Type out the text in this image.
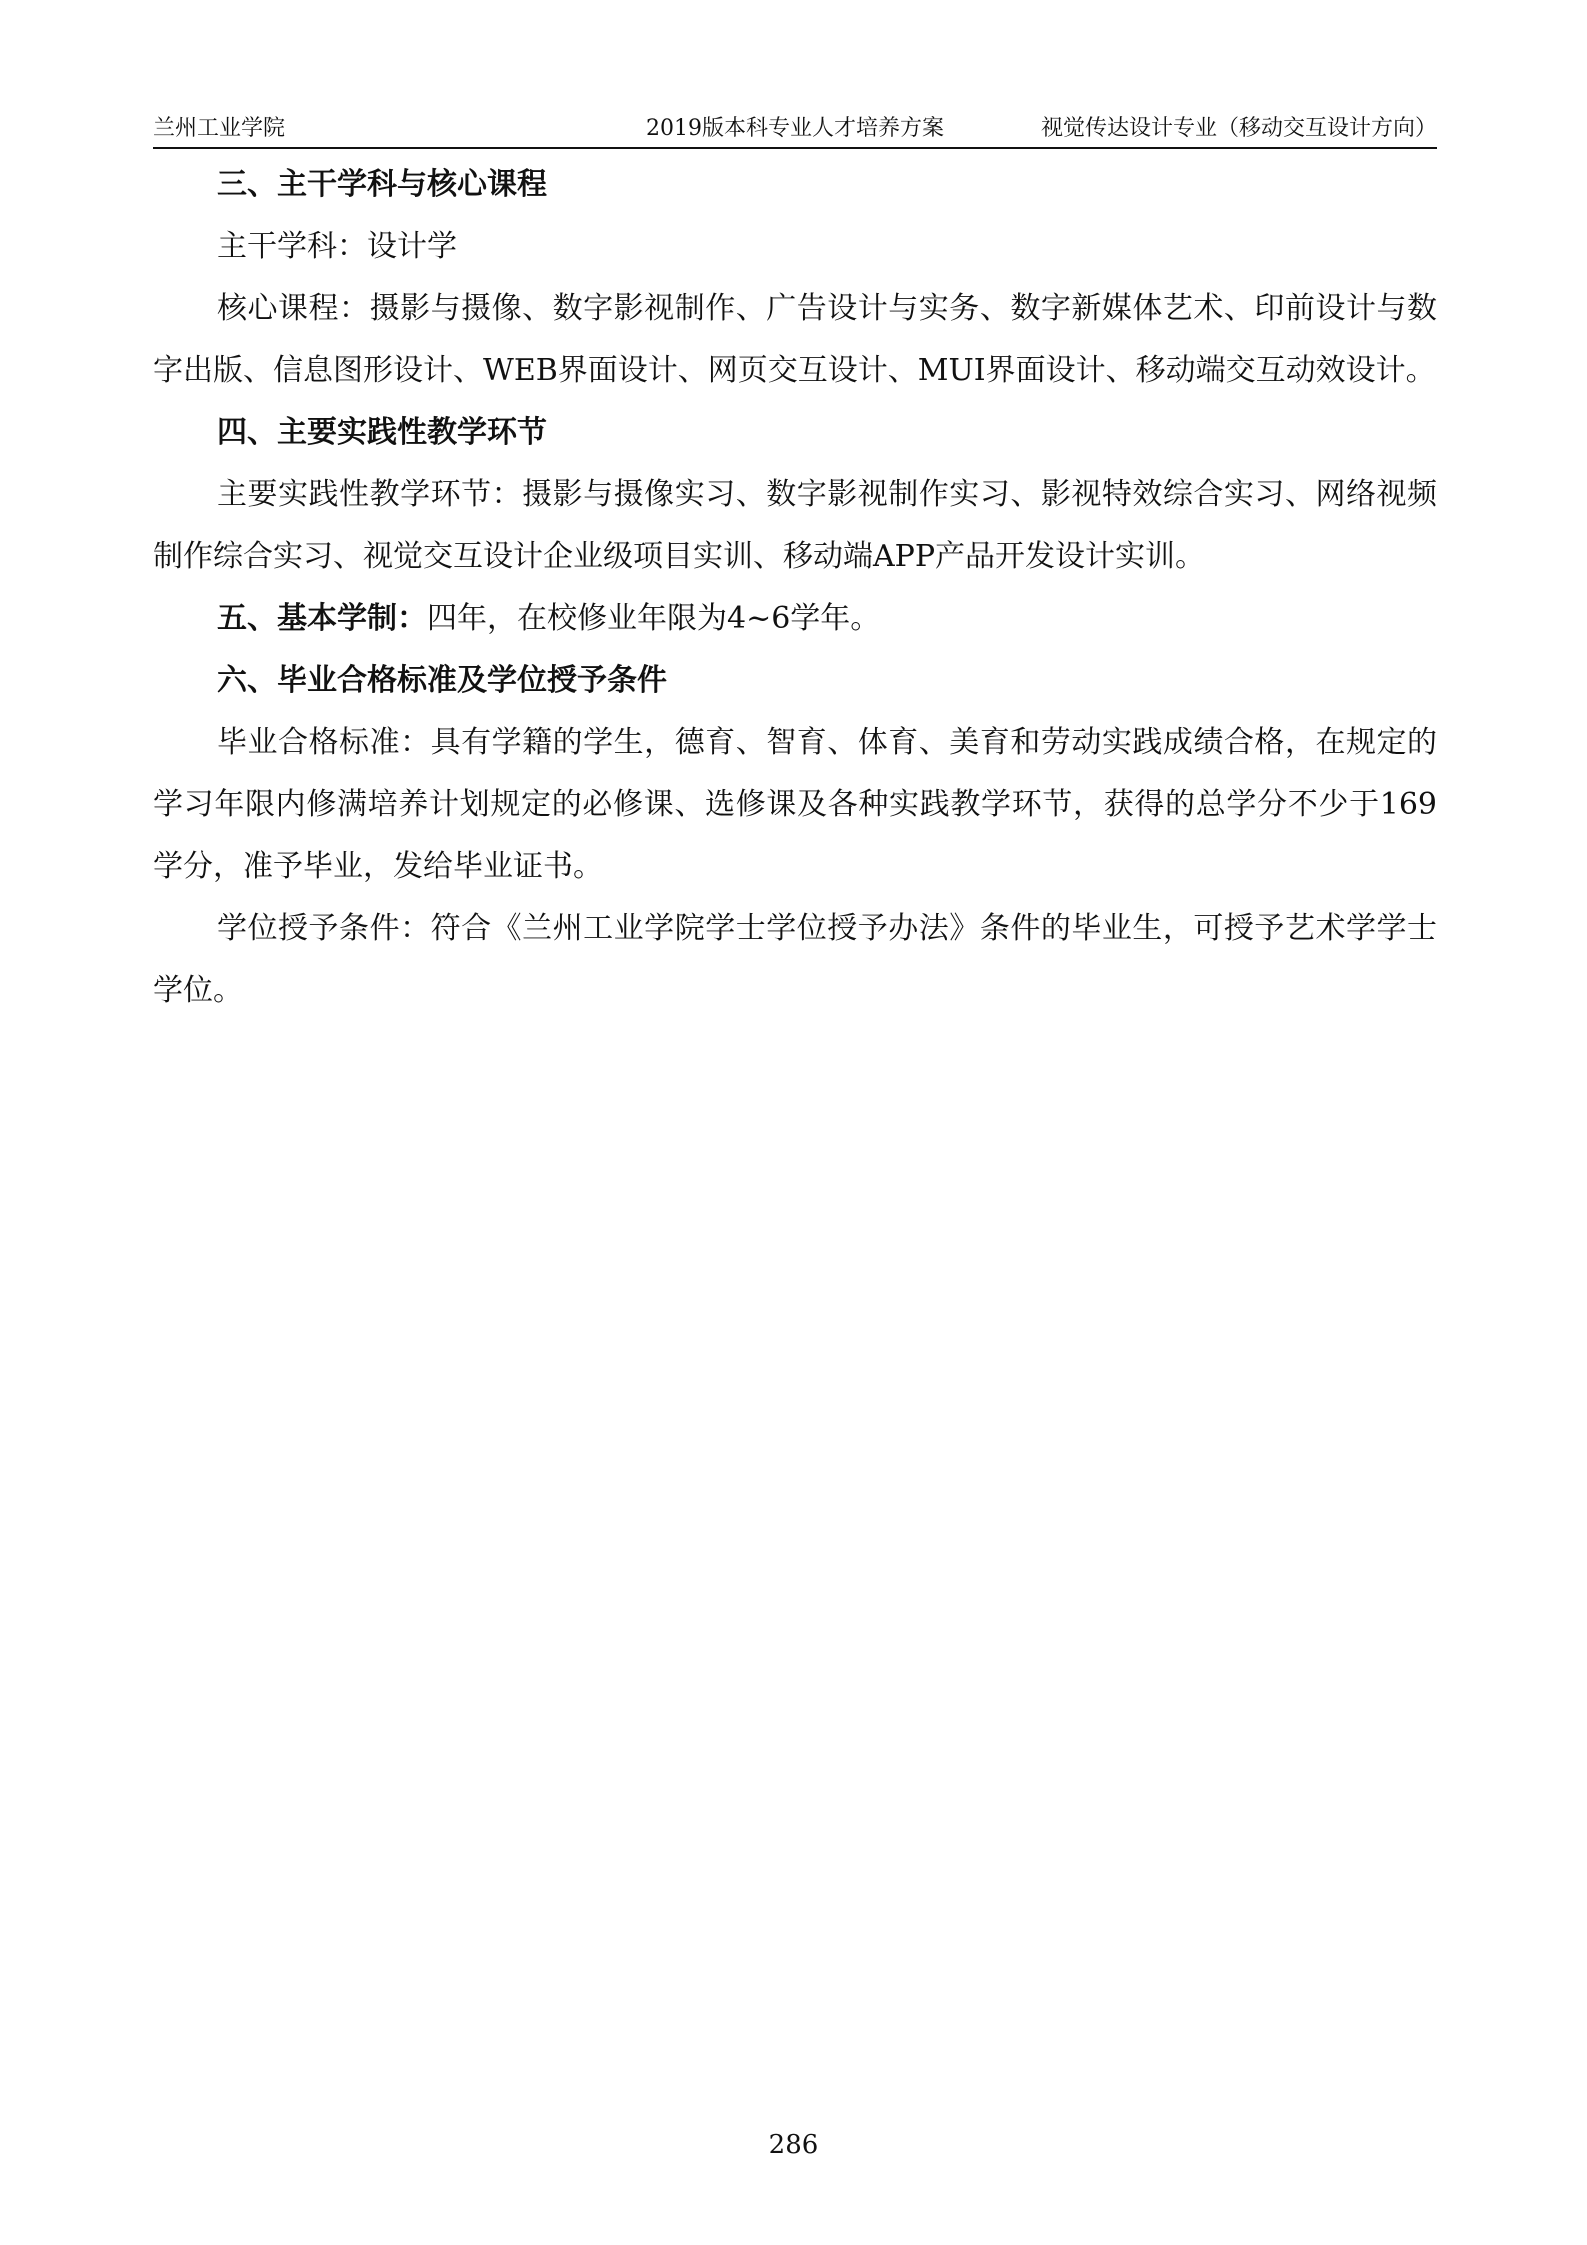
兰州工业学院	2019版本科专业人才培养方案	视觉传达设计专业（移动交互设计方向）

三、主干学科与核心课程

主干学科：设计学

核心课程：摄影与摄像、数字影视制作、广告设计与实务、数字新媒体艺术、印前设计与数字出版、信息图形设计、WEB界面设计、网页交互设计、MUI界面设计、移动端交互动效设计。

四、主要实践性教学环节

主要实践性教学环节：摄影与摄像实习、数字影视制作实习、影视特效综合实习、网络视频制作综合实习、视觉交互设计企业级项目实训、移动端APP产品开发设计实训。

五、基本学制：四年，在校修业年限为4~6学年。

六、毕业合格标准及学位授予条件

毕业合格标准：具有学籍的学生，德育、智育、体育、美育和劳动实践成绩合格，在规定的学习年限内修满培养计划规定的必修课、选修课及各种实践教学环节，获得的总学分不少于169学分，准予毕业，发给毕业证书。

学位授予条件：符合《兰州工业学院学士学位授予办法》条件的毕业生，可授予艺术学学士学位。

286
